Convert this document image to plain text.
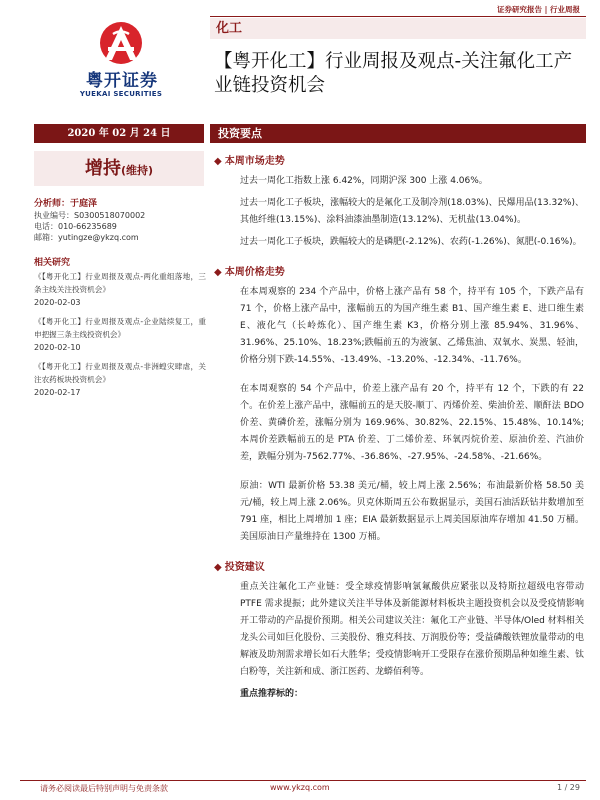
证券研究报告 | 行业周报
粤开证券
YUEKAI SECURITIES
化工
【粤开化工】行业周报及观点-关注氟化工产业链投资机会
2020 年 02 月 24 日	投资要点
增持(维持)
分析师：于庭泽
执业编号：S0300518070002
电话：010-66235689
邮箱：yutingze@ykzq.com
相关研究
《【粤开化工】行业周报及观点-两化重组落地，三条主线关注投资机会》
2020-02-03
《【粤开化工】行业周报及观点-企业陆续复工，重申把握三条主线投资机会》
2020-02-10
《【粤开化工】行业周报及观点-非洲蝗灾肆虐，关注农药板块投资机会》
2020-02-17
◆ 本周市场走势
过去一周化工指数上涨 6.42%，同期沪深 300 上涨 4.06%。
过去一周化工子板块，涨幅较大的是氟化工及制冷剂(18.03%)、民爆用品(13.32%)、其他纤维(13.15%)、涂料油漆油墨制造(13.12%)、无机盐(13.04%)。
过去一周化工子板块，跌幅较大的是磷肥(-2.12%)、农药(-1.26%)、氮肥(-0.16%)。
◆ 本周价格走势
在本周观察的 234 个产品中，价格上涨产品有 58 个，持平有 105 个，下跌产品有 71 个，价格上涨产品中，涨幅前五的为国产维生素 B1、国产维生素 E、进口维生素 E、液化气（长岭炼化）、国产维生素 K3，价格分别上涨 85.94%、31.96%、31.96%、25.10%、18.23%;跌幅前五的为液氯、乙烯焦油、双氧水、炭黑、轻油，价格分别下跌-14.55%、-13.49%、-13.20%、-12.34%、-11.76%。
在本周观察的 54 个产品中，价差上涨产品有 20 个，持平有 12 个，下跌的有 22 个。在价差上涨产品中，涨幅前五的是天胶-顺丁、丙烯价差、柴油价差、顺酐法 BDO 价差、黄磷价差，涨幅分别为 169.96%、30.82%、22.15%、15.48%、10.14%;本周价差跌幅前五的是 PTA 价差、丁二烯价差、环氧丙烷价差、原油价差、汽油价差，跌幅分别为-7562.77%、-36.86%、-27.95%、-24.58%、-21.66%。
原油：WTI 最新价格 53.38 美元/桶，较上周上涨 2.56%；布油最新价格 58.50 美元/桶，较上周上涨 2.06%。贝克休斯周五公布数据显示，美国石油活跃钻井数增加至 791 座，相比上周增加 1 座；EIA 最新数据显示上周美国原油库存增加 41.50 万桶。美国原油日产量维持在 1300 万桶。
◆ 投资建议
重点关注氟化工产业链：受全球疫情影响氯氟酸供应紧张以及特斯拉超级电容带动 PTFE 需求提振；此外建议关注半导体及新能源材料板块主题投资机会以及受疫情影响开工带动的产品提价预期。相关公司建议关注：氟化工产业链、半导体/Oled 材料相关龙头公司如巨化股份、三美股份、雅克科技、万润股份等；受益磷酸铁锂放量带动的电解液及助剂需求增长如石大胜华；受疫情影响开工受限存在涨价预期品种如维生素、钛白粉等，关注新和成、浙江医药、龙蟒佰利等。
重点推荐标的：
请务必阅读最后特别声明与免责条款	www.ykzq.com	1 / 29
